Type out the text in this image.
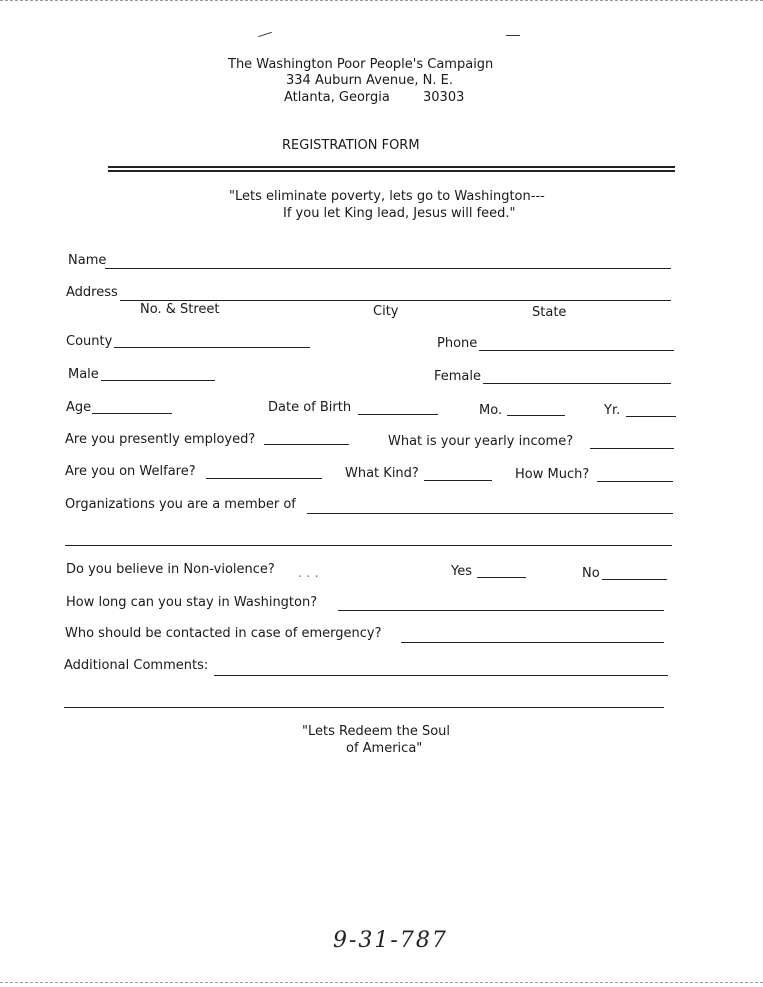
The Washington Poor People's Campaign
334 Auburn Avenue, N. E.
Atlanta, Georgia	30303
REGISTRATION FORM
"Lets eliminate poverty, lets go to Washington---
If you let King lead, Jesus will feed."
Name
Address
No. & Street	City	State
County	Phone
Male	Female
Age	Date of Birth	Mo.	Yr.
Are you presently employed?	What is your yearly income?
Are you on Welfare?	What Kind?	How Much?
Organizations you are a member of
Do you believe in Non-violence? . . .	Yes	No
How long can you stay in Washington?
Who should be contacted in case of emergency?
Additional Comments:
"Lets Redeem the Soul
of America"
9-31-787
